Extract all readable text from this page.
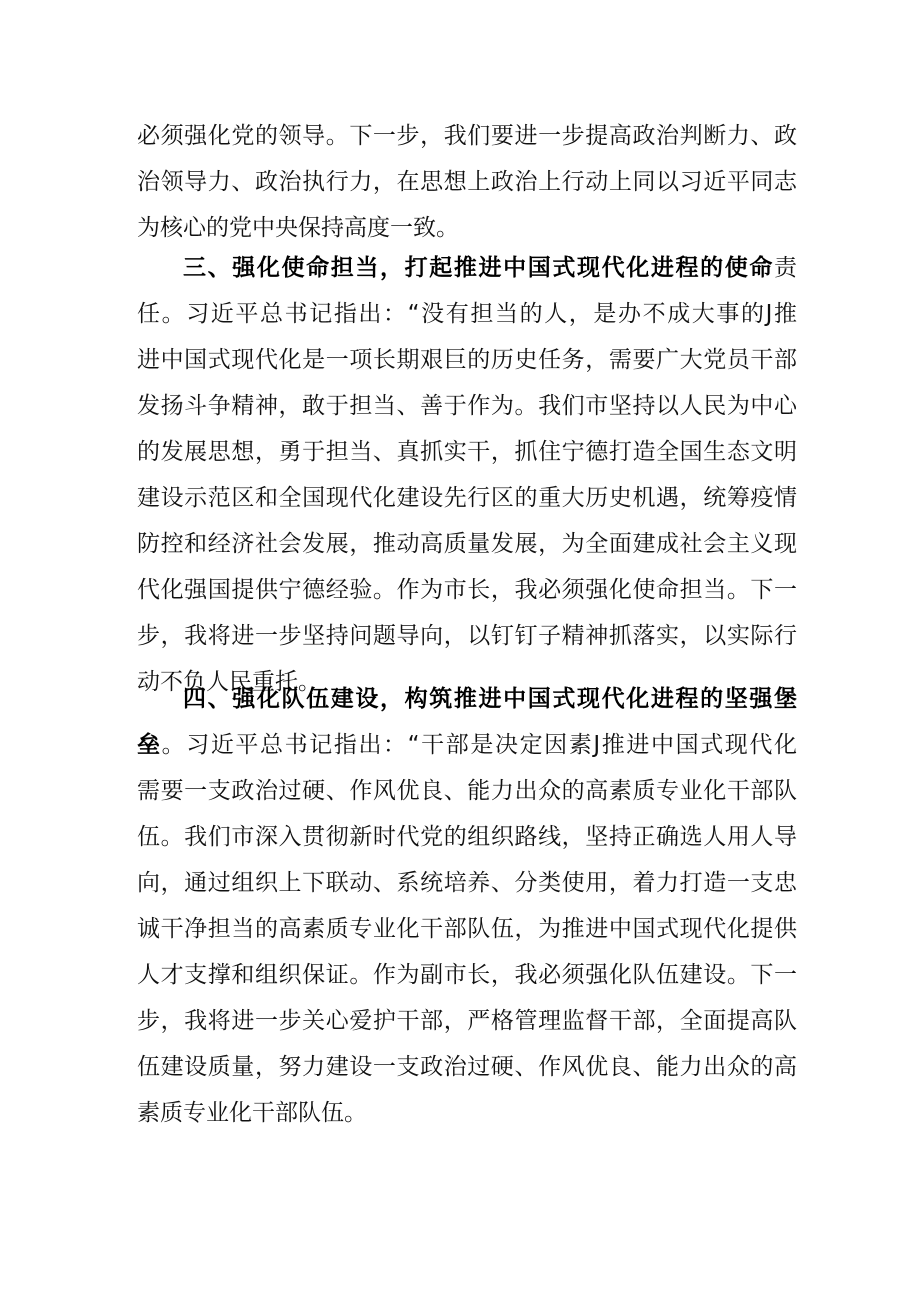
必须强化党的领导。下一步，我们要进一步提高政治判断力、政
治领导力、政治执行力，在思想上政治上行动上同以习近平同志
为核心的党中央保持高度一致。
三、强化使命担当，打起推进中国式现代化进程的使命责
任。习近平总书记指出：“没有担当的人，是办不成大事的J推
进中国式现代化是一项长期艰巨的历史任务，需要广大党员干部
发扬斗争精神，敢于担当、善于作为。我们市坚持以人民为中心
的发展思想，勇于担当、真抓实干，抓住宁德打造全国生态文明
建设示范区和全国现代化建设先行区的重大历史机遇，统筹疫情
防控和经济社会发展，推动高质量发展，为全面建成社会主义现
代化强国提供宁德经验。作为市长，我必须强化使命担当。下一
步，我将进一步坚持问题导向，以钉钉子精神抓落实，以实际行
动不负人民重托。
四、强化队伍建设，构筑推进中国式现代化进程的坚强堡
垒。习近平总书记指出：“干部是决定因素J推进中国式现代化
需要一支政治过硬、作风优良、能力出众的高素质专业化干部队
伍。我们市深入贯彻新时代党的组织路线，坚持正确选人用人导
向，通过组织上下联动、系统培养、分类使用，着力打造一支忠
诚干净担当的高素质专业化干部队伍，为推进中国式现代化提供
人才支撑和组织保证。作为副市长，我必须强化队伍建设。下一
步，我将进一步关心爱护干部，严格管理监督干部，全面提高队
伍建设质量，努力建设一支政治过硬、作风优良、能力出众的高
素质专业化干部队伍。
